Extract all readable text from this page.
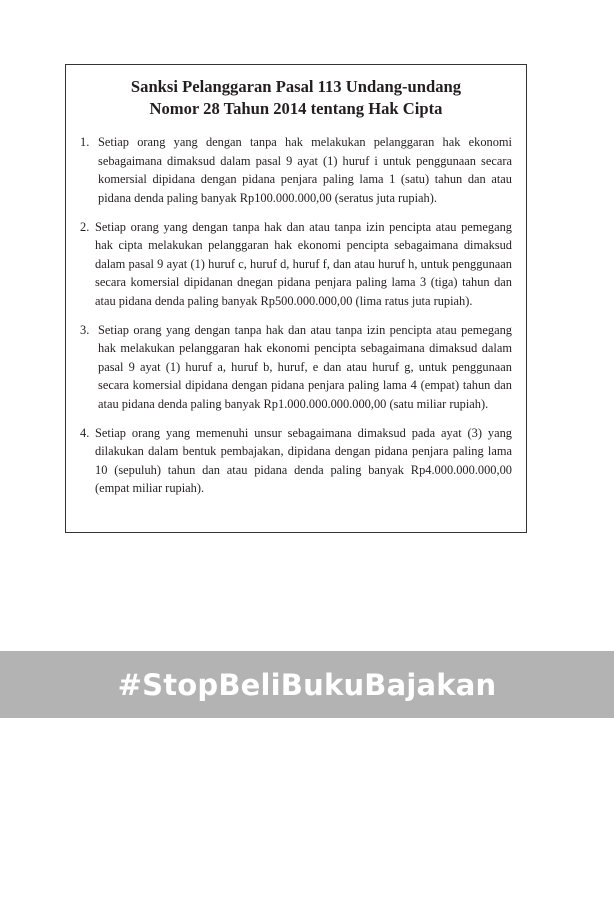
Sanksi Pelanggaran Pasal 113 Undang-undang
Nomor 28 Tahun 2014 tentang Hak Cipta
1. Setiap orang yang dengan tanpa hak melakukan pelanggaran hak ekonomi sebagaimana dimaksud dalam pasal 9 ayat (1) huruf i untuk penggunaan secara komersial dipidana dengan pidana penjara paling lama 1 (satu) tahun dan atau pidana denda paling banyak Rp100.000.000,00 (seratus juta rupiah).
2. Setiap orang yang dengan tanpa hak dan atau tanpa izin pencipta atau pemegang hak cipta melakukan pelanggaran hak ekonomi pencipta sebagaimana dimaksud dalam pasal 9 ayat (1) huruf c, huruf d, huruf f, dan atau huruf h, untuk penggunaan secara komersial dipidanan dnegan pidana penjara paling lama 3 (tiga) tahun dan atau pidana denda paling banyak Rp500.000.000,00 (lima ratus juta rupiah).
3. Setiap orang yang dengan tanpa hak dan atau tanpa izin pencipta atau pemegang hak melakukan pelanggaran hak ekonomi pencipta sebagaimana dimaksud dalam pasal 9 ayat (1) huruf a, huruf b, huruf, e dan atau huruf g, untuk penggunaan secara komersial dipidana dengan pidana penjara paling lama 4 (empat) tahun dan atau pidana denda paling banyak Rp1.000.000.000.000,00 (satu miliar rupiah).
4. Setiap orang yang memenuhi unsur sebagaimana dimaksud pada ayat (3) yang dilakukan dalam bentuk pembajakan, dipidana dengan pidana penjara paling lama 10 (sepuluh) tahun dan atau pidana denda paling banyak Rp4.000.000.000,00 (empat miliar rupiah).
#StopBeliBukuBajakan
